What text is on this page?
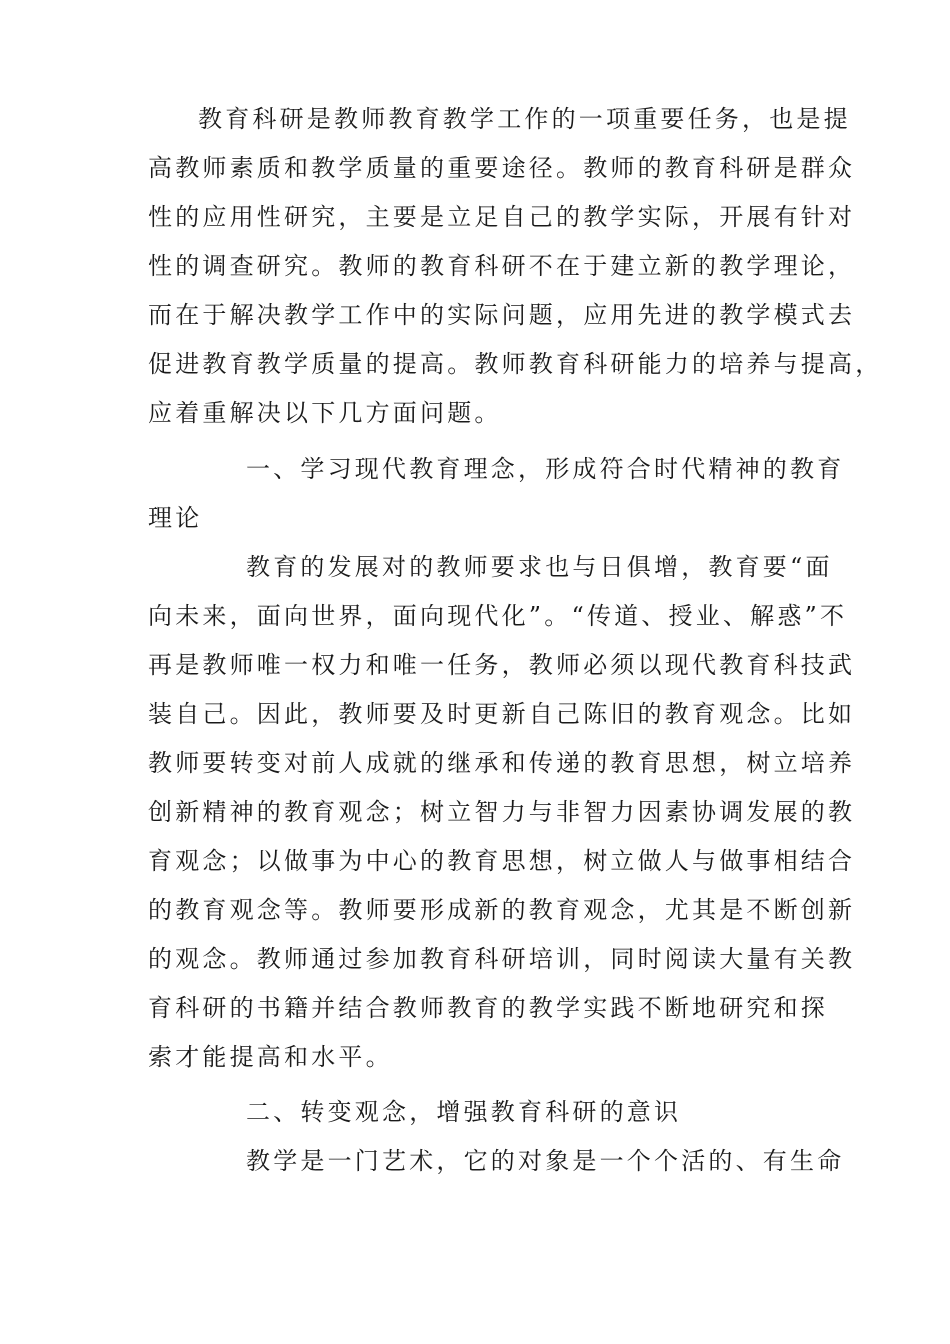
教育科研是教师教育教学工作的一项重要任务，也是提
高教师素质和教学质量的重要途径。教师的教育科研是群众
性的应用性研究，主要是立足自己的教学实际，开展有针对
性的调查研究。教师的教育科研不在于建立新的教学理论，
而在于解决教学工作中的实际问题，应用先进的教学模式去
促进教育教学质量的提高。教师教育科研能力的培养与提高，
应着重解决以下几方面问题。
一、学习现代教育理念，形成符合时代精神的教育
理论
教育的发展对的教师要求也与日俱增，教育要“面
向未来，面向世界，面向现代化”。“传道、授业、解惑”不
再是教师唯一权力和唯一任务，教师必须以现代教育科技武
装自己。因此，教师要及时更新自己陈旧的教育观念。比如
教师要转变对前人成就的继承和传递的教育思想，树立培养
创新精神的教育观念；树立智力与非智力因素协调发展的教
育观念；以做事为中心的教育思想，树立做人与做事相结合
的教育观念等。教师要形成新的教育观念，尤其是不断创新
的观念。教师通过参加教育科研培训，同时阅读大量有关教
育科研的书籍并结合教师教育的教学实践不断地研究和探
索才能提高和水平。
二、转变观念，增强教育科研的意识
教学是一门艺术，它的对象是一个个活的、有生命
